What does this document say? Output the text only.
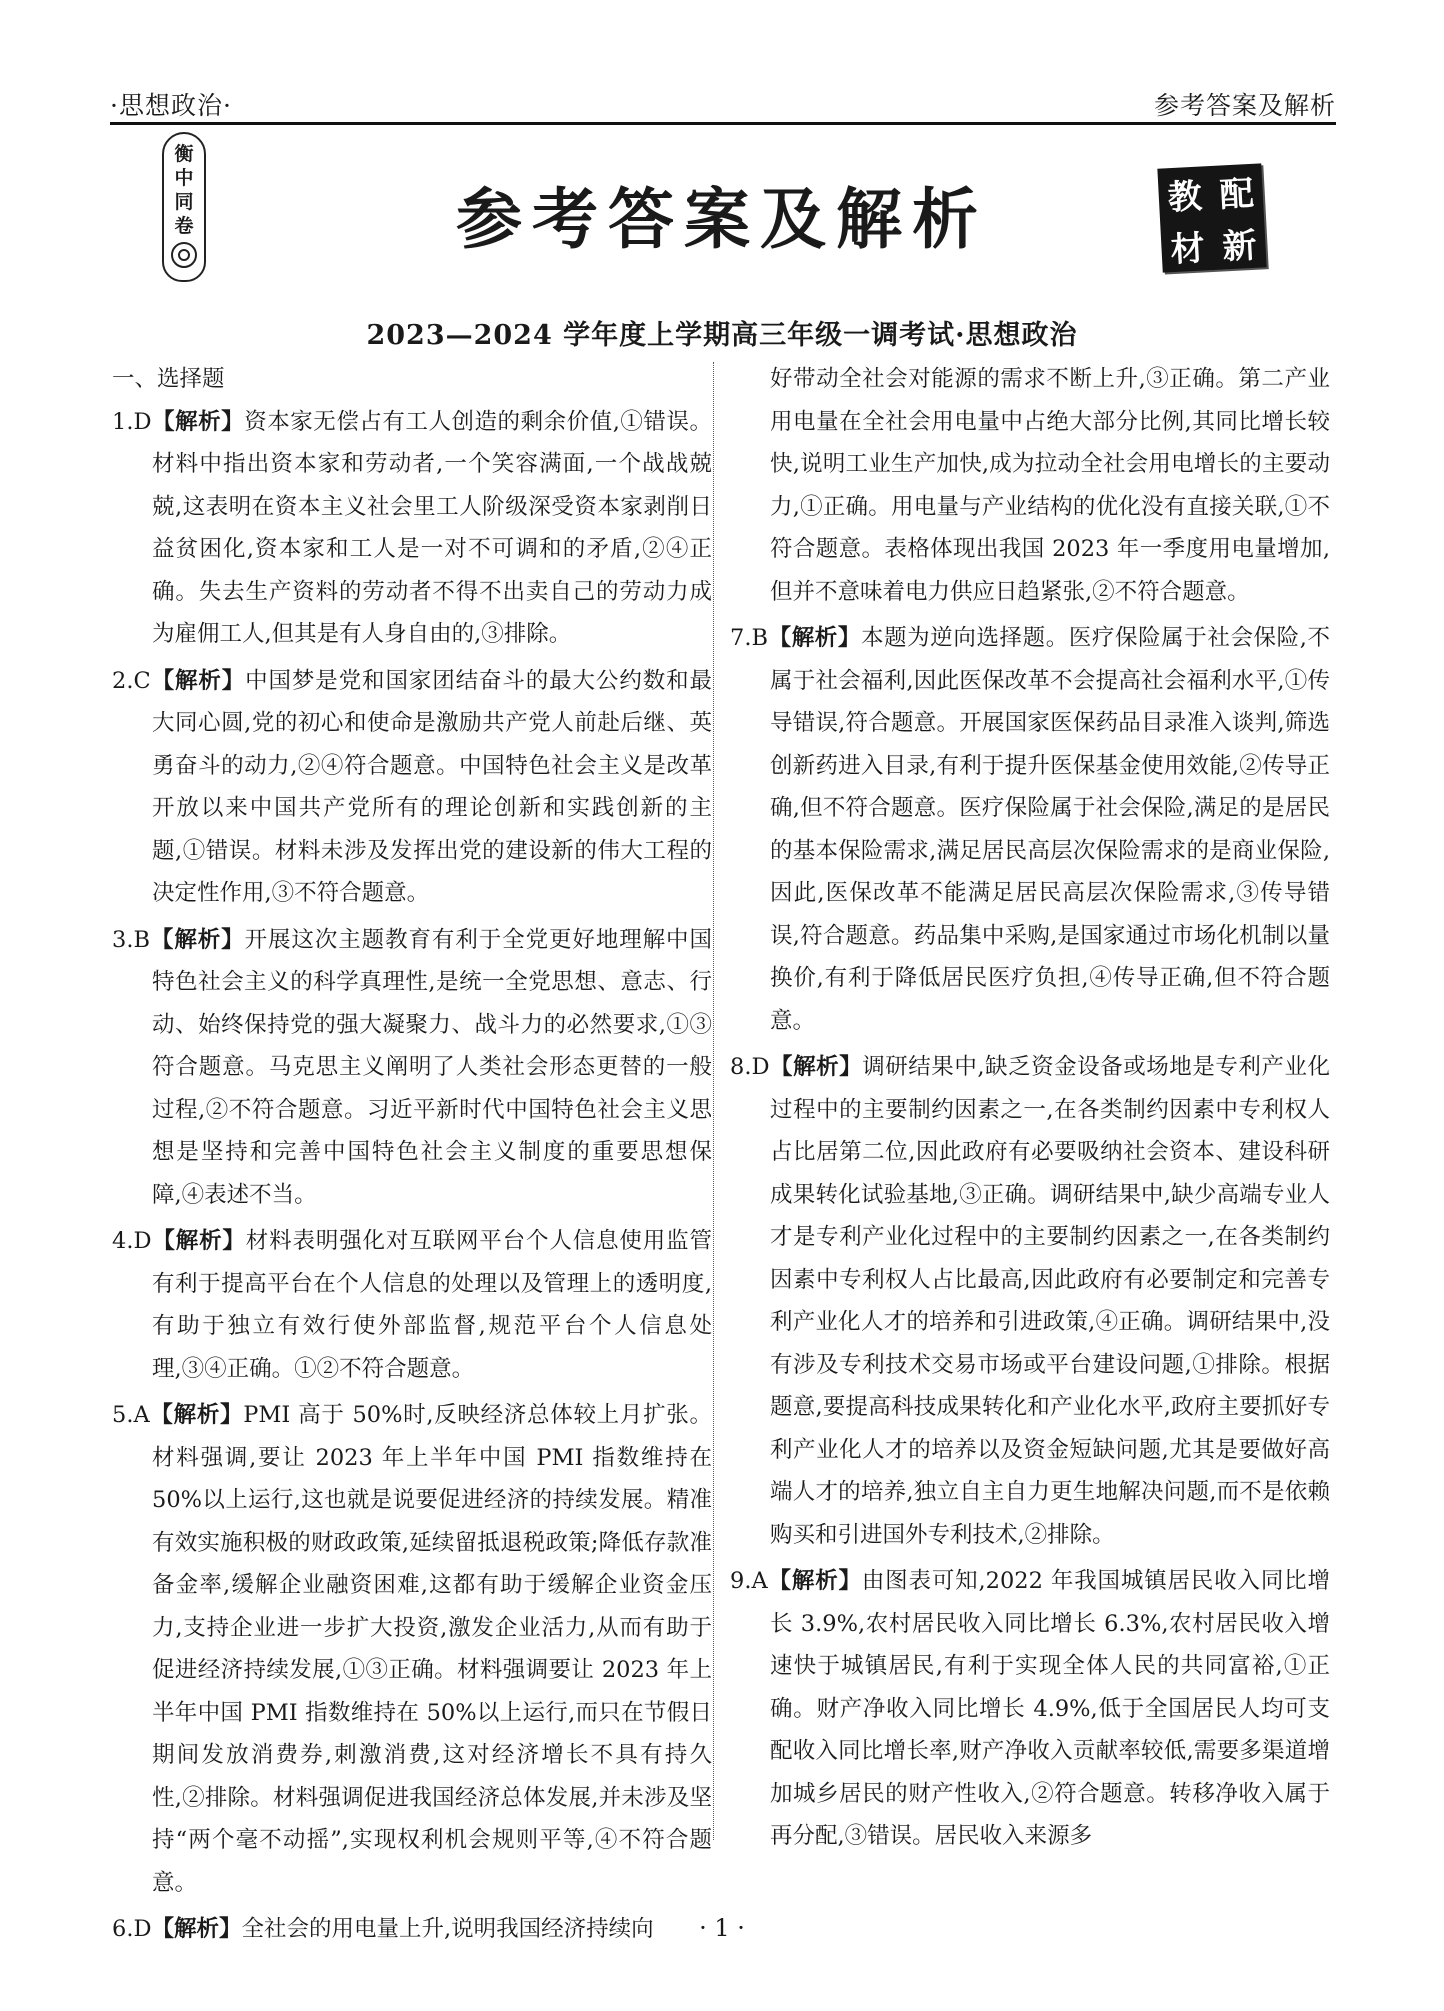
·思想政治·	参考答案及解析
衡
中
同
卷	参考答案及解析	教 配
材 新
2023—2024 学年度上学期高三年级一调考试·思想政治

一、选择题

1.D【解析】资本家无偿占有工人创造的剩余价值,①错误。材料中指出资本家和劳动者,一个笑容满面,一个战战兢兢,这表明在资本主义社会里工人阶级深受资本家剥削日益贫困化,资本家和工人是一对不可调和的矛盾,②④正确。失去生产资料的劳动者不得不出卖自己的劳动力成为雇佣工人,但其是有人身自由的,③排除。

2.C【解析】中国梦是党和国家团结奋斗的最大公约数和最大同心圆,党的初心和使命是激励共产党人前赴后继、英勇奋斗的动力,②④符合题意。中国特色社会主义是改革开放以来中国共产党所有的理论创新和实践创新的主题,①错误。材料未涉及发挥出党的建设新的伟大工程的决定性作用,③不符合题意。

3.B【解析】开展这次主题教育有利于全党更好地理解中国特色社会主义的科学真理性,是统一全党思想、意志、行动、始终保持党的强大凝聚力、战斗力的必然要求,①③符合题意。马克思主义阐明了人类社会形态更替的一般过程,②不符合题意。习近平新时代中国特色社会主义思想是坚持和完善中国特色社会主义制度的重要思想保障,④表述不当。

4.D【解析】材料表明强化对互联网平台个人信息使用监管有利于提高平台在个人信息的处理以及管理上的透明度,有助于独立有效行使外部监督,规范平台个人信息处理,③④正确。①②不符合题意。

5.A【解析】PMI 高于 50%时,反映经济总体较上月扩张。材料强调,要让 2023 年上半年中国 PMI 指数维持在 50%以上运行,这也就是说要促进经济的持续发展。精准有效实施积极的财政政策,延续留抵退税政策;降低存款准备金率,缓解企业融资困难,这都有助于缓解企业资金压力,支持企业进一步扩大投资,激发企业活力,从而有助于促进经济持续发展,①③正确。材料强调要让 2023 年上半年中国 PMI 指数维持在 50%以上运行,而只在节假日期间发放消费券,刺激消费,这对经济增长不具有持久性,②排除。材料强调促进我国经济总体发展,并未涉及坚持“两个毫不动摇”,实现权利机会规则平等,④不符合题意。

6.D【解析】全社会的用电量上升,说明我国经济持续向

好带动全社会对能源的需求不断上升,③正确。第二产业用电量在全社会用电量中占绝大部分比例,其同比增长较快,说明工业生产加快,成为拉动全社会用电增长的主要动力,①正确。用电量与产业结构的优化没有直接关联,①不符合题意。表格体现出我国 2023 年一季度用电量增加,但并不意味着电力供应日趋紧张,②不符合题意。

7.B【解析】本题为逆向选择题。医疗保险属于社会保险,不属于社会福利,因此医保改革不会提高社会福利水平,①传导错误,符合题意。开展国家医保药品目录准入谈判,筛选创新药进入目录,有利于提升医保基金使用效能,②传导正确,但不符合题意。医疗保险属于社会保险,满足的是居民的基本保险需求,满足居民高层次保险需求的是商业保险,因此,医保改革不能满足居民高层次保险需求,③传导错误,符合题意。药品集中采购,是国家通过市场化机制以量换价,有利于降低居民医疗负担,④传导正确,但不符合题意。

8.D【解析】调研结果中,缺乏资金设备或场地是专利产业化过程中的主要制约因素之一,在各类制约因素中专利权人占比居第二位,因此政府有必要吸纳社会资本、建设科研成果转化试验基地,③正确。调研结果中,缺少高端专业人才是专利产业化过程中的主要制约因素之一,在各类制约因素中专利权人占比最高,因此政府有必要制定和完善专利产业化人才的培养和引进政策,④正确。调研结果中,没有涉及专利技术交易市场或平台建设问题,①排除。根据题意,要提高科技成果转化和产业化水平,政府主要抓好专利产业化人才的培养以及资金短缺问题,尤其是要做好高端人才的培养,独立自主自力更生地解决问题,而不是依赖购买和引进国外专利技术,②排除。

9.A【解析】由图表可知,2022 年我国城镇居民收入同比增长 3.9%,农村居民收入同比增长 6.3%,农村居民收入增速快于城镇居民,有利于实现全体人民的共同富裕,①正确。财产净收入同比增长 4.9%,低于全国居民人均可支配收入同比增长率,财产净收入贡献率较低,需要多渠道增加城乡居民的财产性收入,②符合题意。转移净收入属于再分配,③错误。居民收入来源多

· 1 ·
